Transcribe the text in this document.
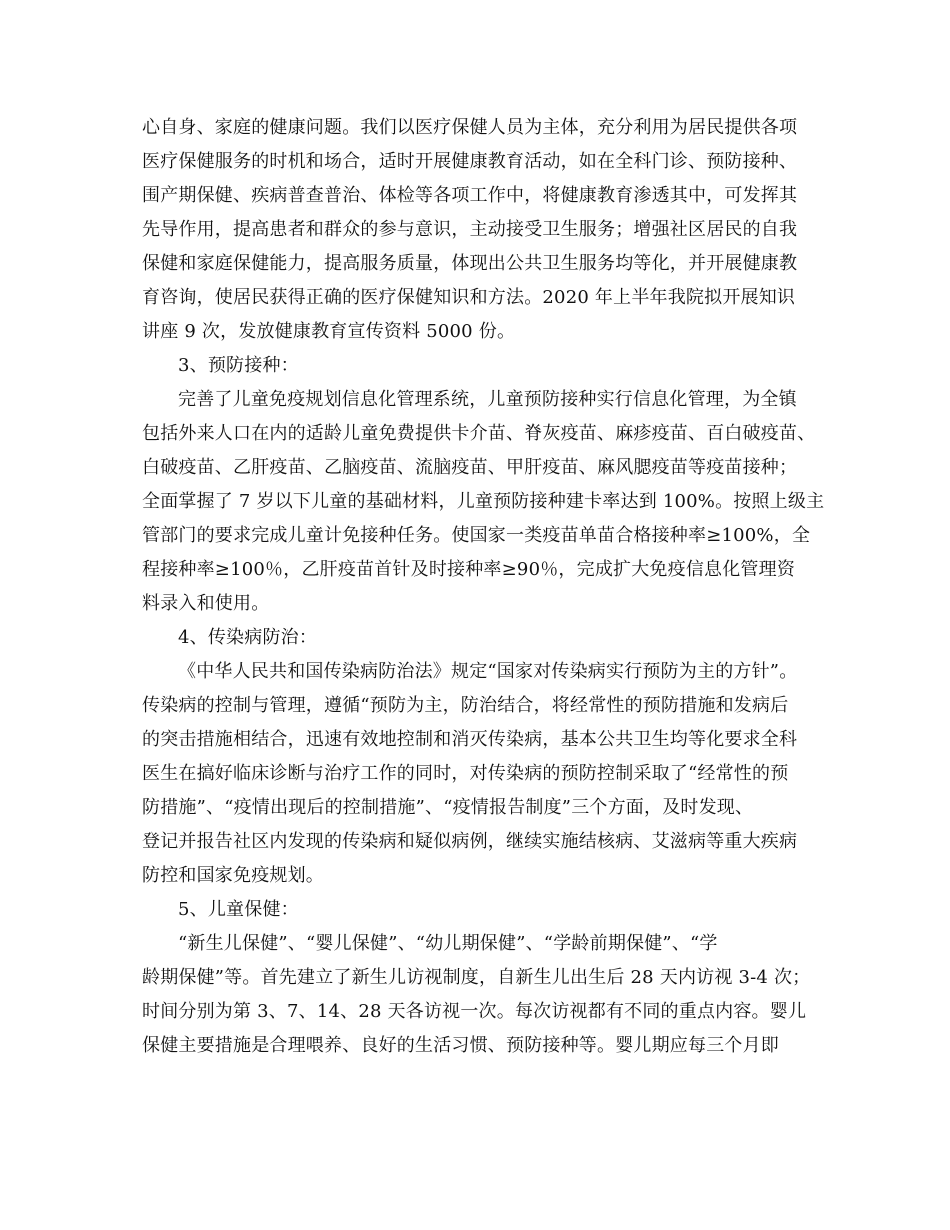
心自身、家庭的健康问题。我们以医疗保健人员为主体，充分利用为居民提供各项
医疗保健服务的时机和场合，适时开展健康教育活动，如在全科门诊、预防接种、
围产期保健、疾病普查普治、体检等各项工作中，将健康教育渗透其中，可发挥其
先导作用，提高患者和群众的参与意识，主动接受卫生服务；增强社区居民的自我
保健和家庭保健能力，提高服务质量，体现出公共卫生服务均等化，并开展健康教
育咨询，使居民获得正确的医疗保健知识和方法。2020 年上半年我院拟开展知识
讲座 9 次，发放健康教育宣传资料 5000 份。
3、预防接种：
完善了儿童免疫规划信息化管理系统，儿童预防接种实行信息化管理，为全镇
包括外来人口在内的适龄儿童免费提供卡介苗、脊灰疫苗、麻疹疫苗、百白破疫苗、
白破疫苗、乙肝疫苗、乙脑疫苗、流脑疫苗、甲肝疫苗、麻风腮疫苗等疫苗接种；
全面掌握了 7 岁以下儿童的基础材料，儿童预防接种建卡率达到 100%。按照上级主
管部门的要求完成儿童计免接种任务。使国家一类疫苗单苗合格接种率≥100%，全
程接种率≥100％，乙肝疫苗首针及时接种率≥90％，完成扩大免疫信息化管理资
料录入和使用。
4、传染病防治：
《中华人民共和国传染病防治法》规定“国家对传染病实行预防为主的方针”。
传染病的控制与管理，遵循“预防为主，防治结合，将经常性的预防措施和发病后
的突击措施相结合，迅速有效地控制和消灭传染病，基本公共卫生均等化要求全科
医生在搞好临床诊断与治疗工作的同时，对传染病的预防控制采取了“经常性的预
防措施”、“疫情出现后的控制措施”、“疫情报告制度”三个方面，及时发现、
登记并报告社区内发现的传染病和疑似病例，继续实施结核病、艾滋病等重大疾病
防控和国家免疫规划。
5、儿童保健：
“新生儿保健”、“婴儿保健”、“幼儿期保健”、“学龄前期保健”、“学
龄期保健”等。首先建立了新生儿访视制度，自新生儿出生后 28 天内访视 3-4 次；
时间分别为第 3、7、14、28 天各访视一次。每次访视都有不同的重点内容。婴儿
保健主要措施是合理喂养、良好的生活习惯、预防接种等。婴儿期应每三个月即
